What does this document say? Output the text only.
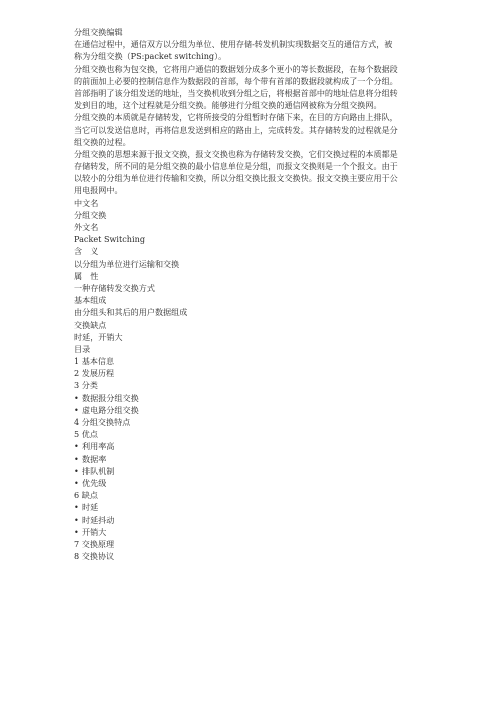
分组交换编辑
在通信过程中，通信双方以分组为单位、使用存储-转发机制实现数据交互的通信方式，被
称为分组交换（PS:packet switching）。
分组交换也称为包交换，它将用户通信的数据划分成多个更小的等长数据段，在每个数据段
的前面加上必要的控制信息作为数据段的首部，每个带有首部的数据段就构成了一个分组。
首部指明了该分组发送的地址，当交换机收到分组之后，将根据首部中的地址信息将分组转
发到目的地，这个过程就是分组交换。能够进行分组交换的通信网被称为分组交换网。
分组交换的本质就是存储转发，它将所接受的分组暂时存储下来，在目的方向路由上排队，
当它可以发送信息时，再将信息发送到相应的路由上，完成转发。其存储转发的过程就是分
组交换的过程。
分组交换的思想来源于报文交换，报文交换也称为存储转发交换，它们交换过程的本质都是
存储转发，所不同的是分组交换的最小信息单位是分组，而报文交换则是一个个报文。由于
以较小的分组为单位进行传输和交换，所以分组交换比报文交换快。报文交换主要应用于公
用电报网中。
中文名
分组交换
外文名
Packet Switching
含　义
以分组为单位进行运输和交换
属　性
一种存储转发交换方式
基本组成
由分组头和其后的用户数据组成
交换缺点
时延，开销大
目录
1 基本信息
2 发展历程
3 分类
• 数据报分组交换
• 虚电路分组交换
4 分组交换特点
5 优点
• 利用率高
• 数据率
• 排队机制
• 优先级
6 缺点
• 时延
• 时延抖动
• 开销大
7 交换原理
8 交换协议
